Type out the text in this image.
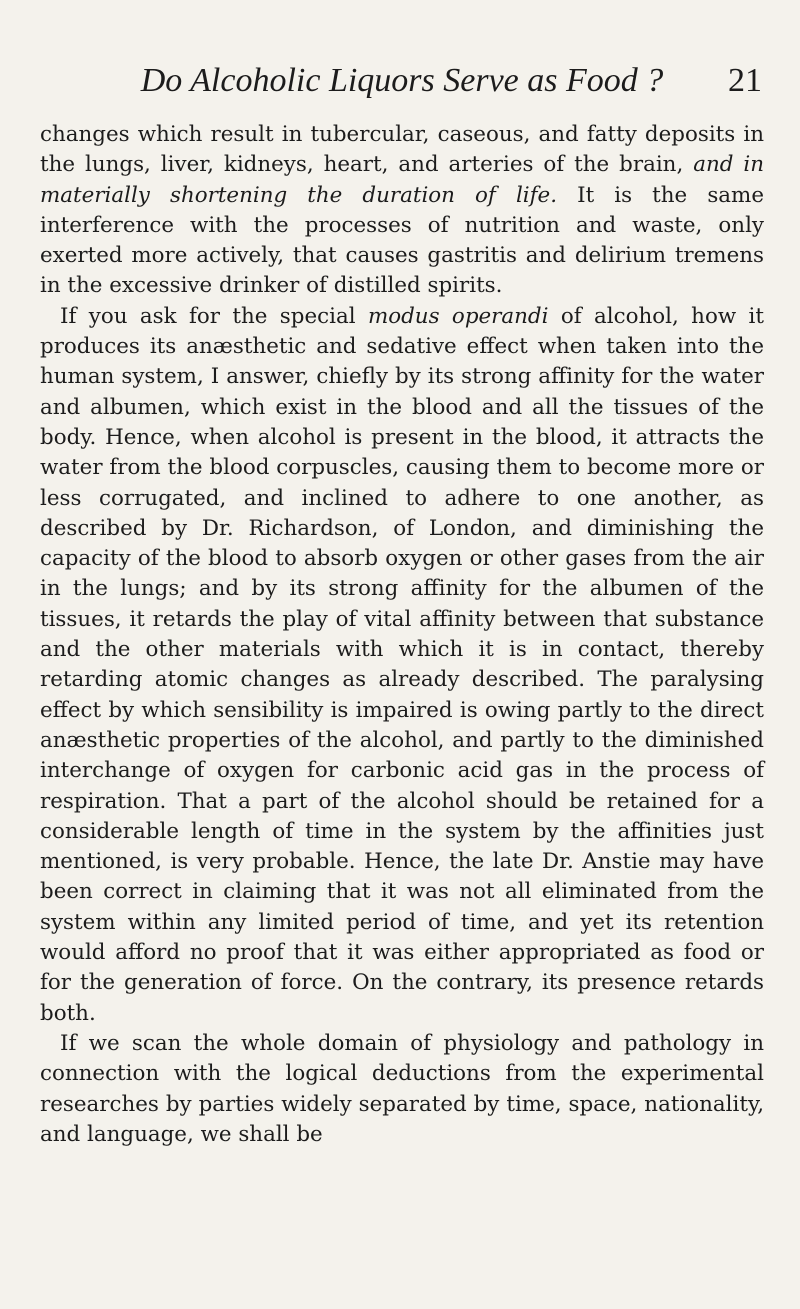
Do Alcoholic Liquors Serve as Food ?	21

changes which result in tubercular, caseous, and fatty deposits in the lungs, liver, kidneys, heart, and arteries of the brain, and in materially shortening the duration of life. It is the same interference with the processes of nutrition and waste, only exerted more actively, that causes gastritis and delirium tremens in the excessive drinker of distilled spirits.

If you ask for the special modus operandi of alcohol, how it produces its anæsthetic and sedative effect when taken into the human system, I answer, chiefly by its strong affinity for the water and albumen, which exist in the blood and all the tissues of the body. Hence, when alcohol is present in the blood, it attracts the water from the blood corpuscles, causing them to become more or less corrugated, and inclined to adhere to one another, as described by Dr. Richardson, of London, and diminishing the capacity of the blood to absorb oxygen or other gases from the air in the lungs; and by its strong affinity for the albumen of the tissues, it retards the play of vital affinity between that substance and the other materials with which it is in contact, thereby retarding atomic changes as already described. The paralysing effect by which sensibility is impaired is owing partly to the direct anæsthetic properties of the alcohol, and partly to the diminished interchange of oxygen for carbonic acid gas in the process of respiration. That a part of the alcohol should be retained for a considerable length of time in the system by the affinities just mentioned, is very probable. Hence, the late Dr. Anstie may have been correct in claiming that it was not all eliminated from the system within any limited period of time, and yet its retention would afford no proof that it was either appropriated as food or for the generation of force. On the contrary, its presence retards both.

If we scan the whole domain of physiology and pathology in connection with the logical deductions from the experimental researches by parties widely separated by time, space, nationality, and language, we shall be
